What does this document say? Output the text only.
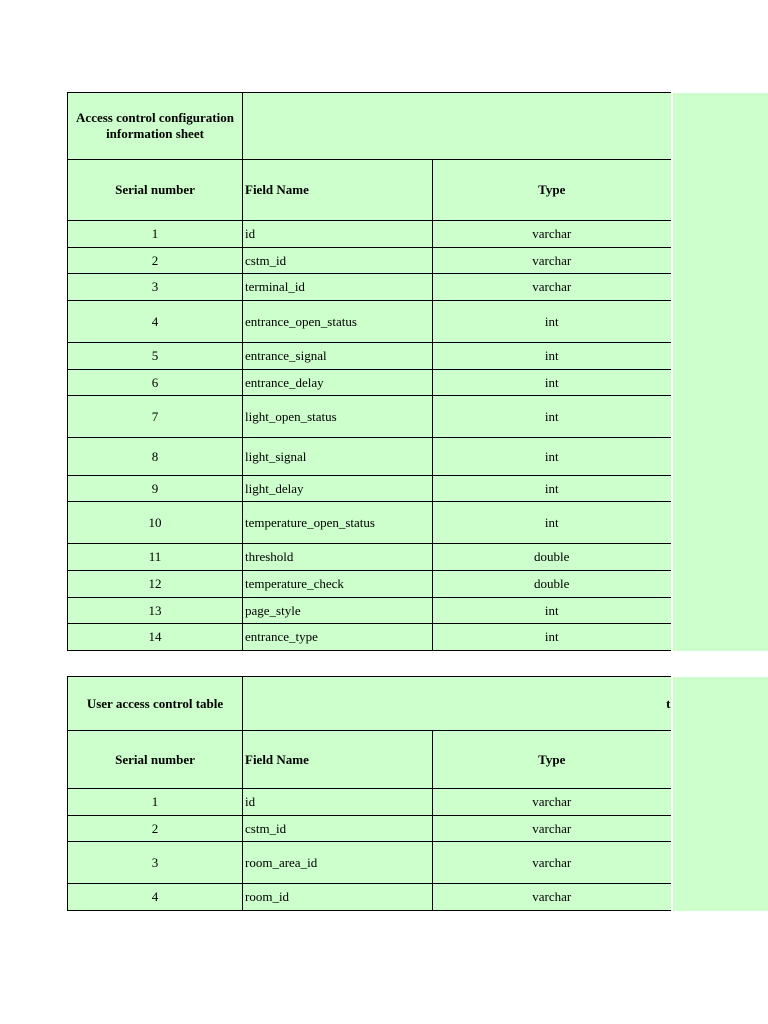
Access control configuration information sheet		
Serial number	Field Name	Type
1	id	varchar
2	cstm_id	varchar
3	terminal_id	varchar
4	entrance_open_status	int
5	entrance_signal	int
6	entrance_delay	int
7	light_open_status	int
8	light_signal	int
9	light_delay	int
10	temperature_open_status	int
11	threshold	double
12	temperature_check	double
13	page_style	int
14	entrance_type	int
User access control table	t	

Serial number	Field Name	Type
1	id	varchar
2	cstm_id	varchar
3	room_area_id	varchar
4	room_id	varchar
